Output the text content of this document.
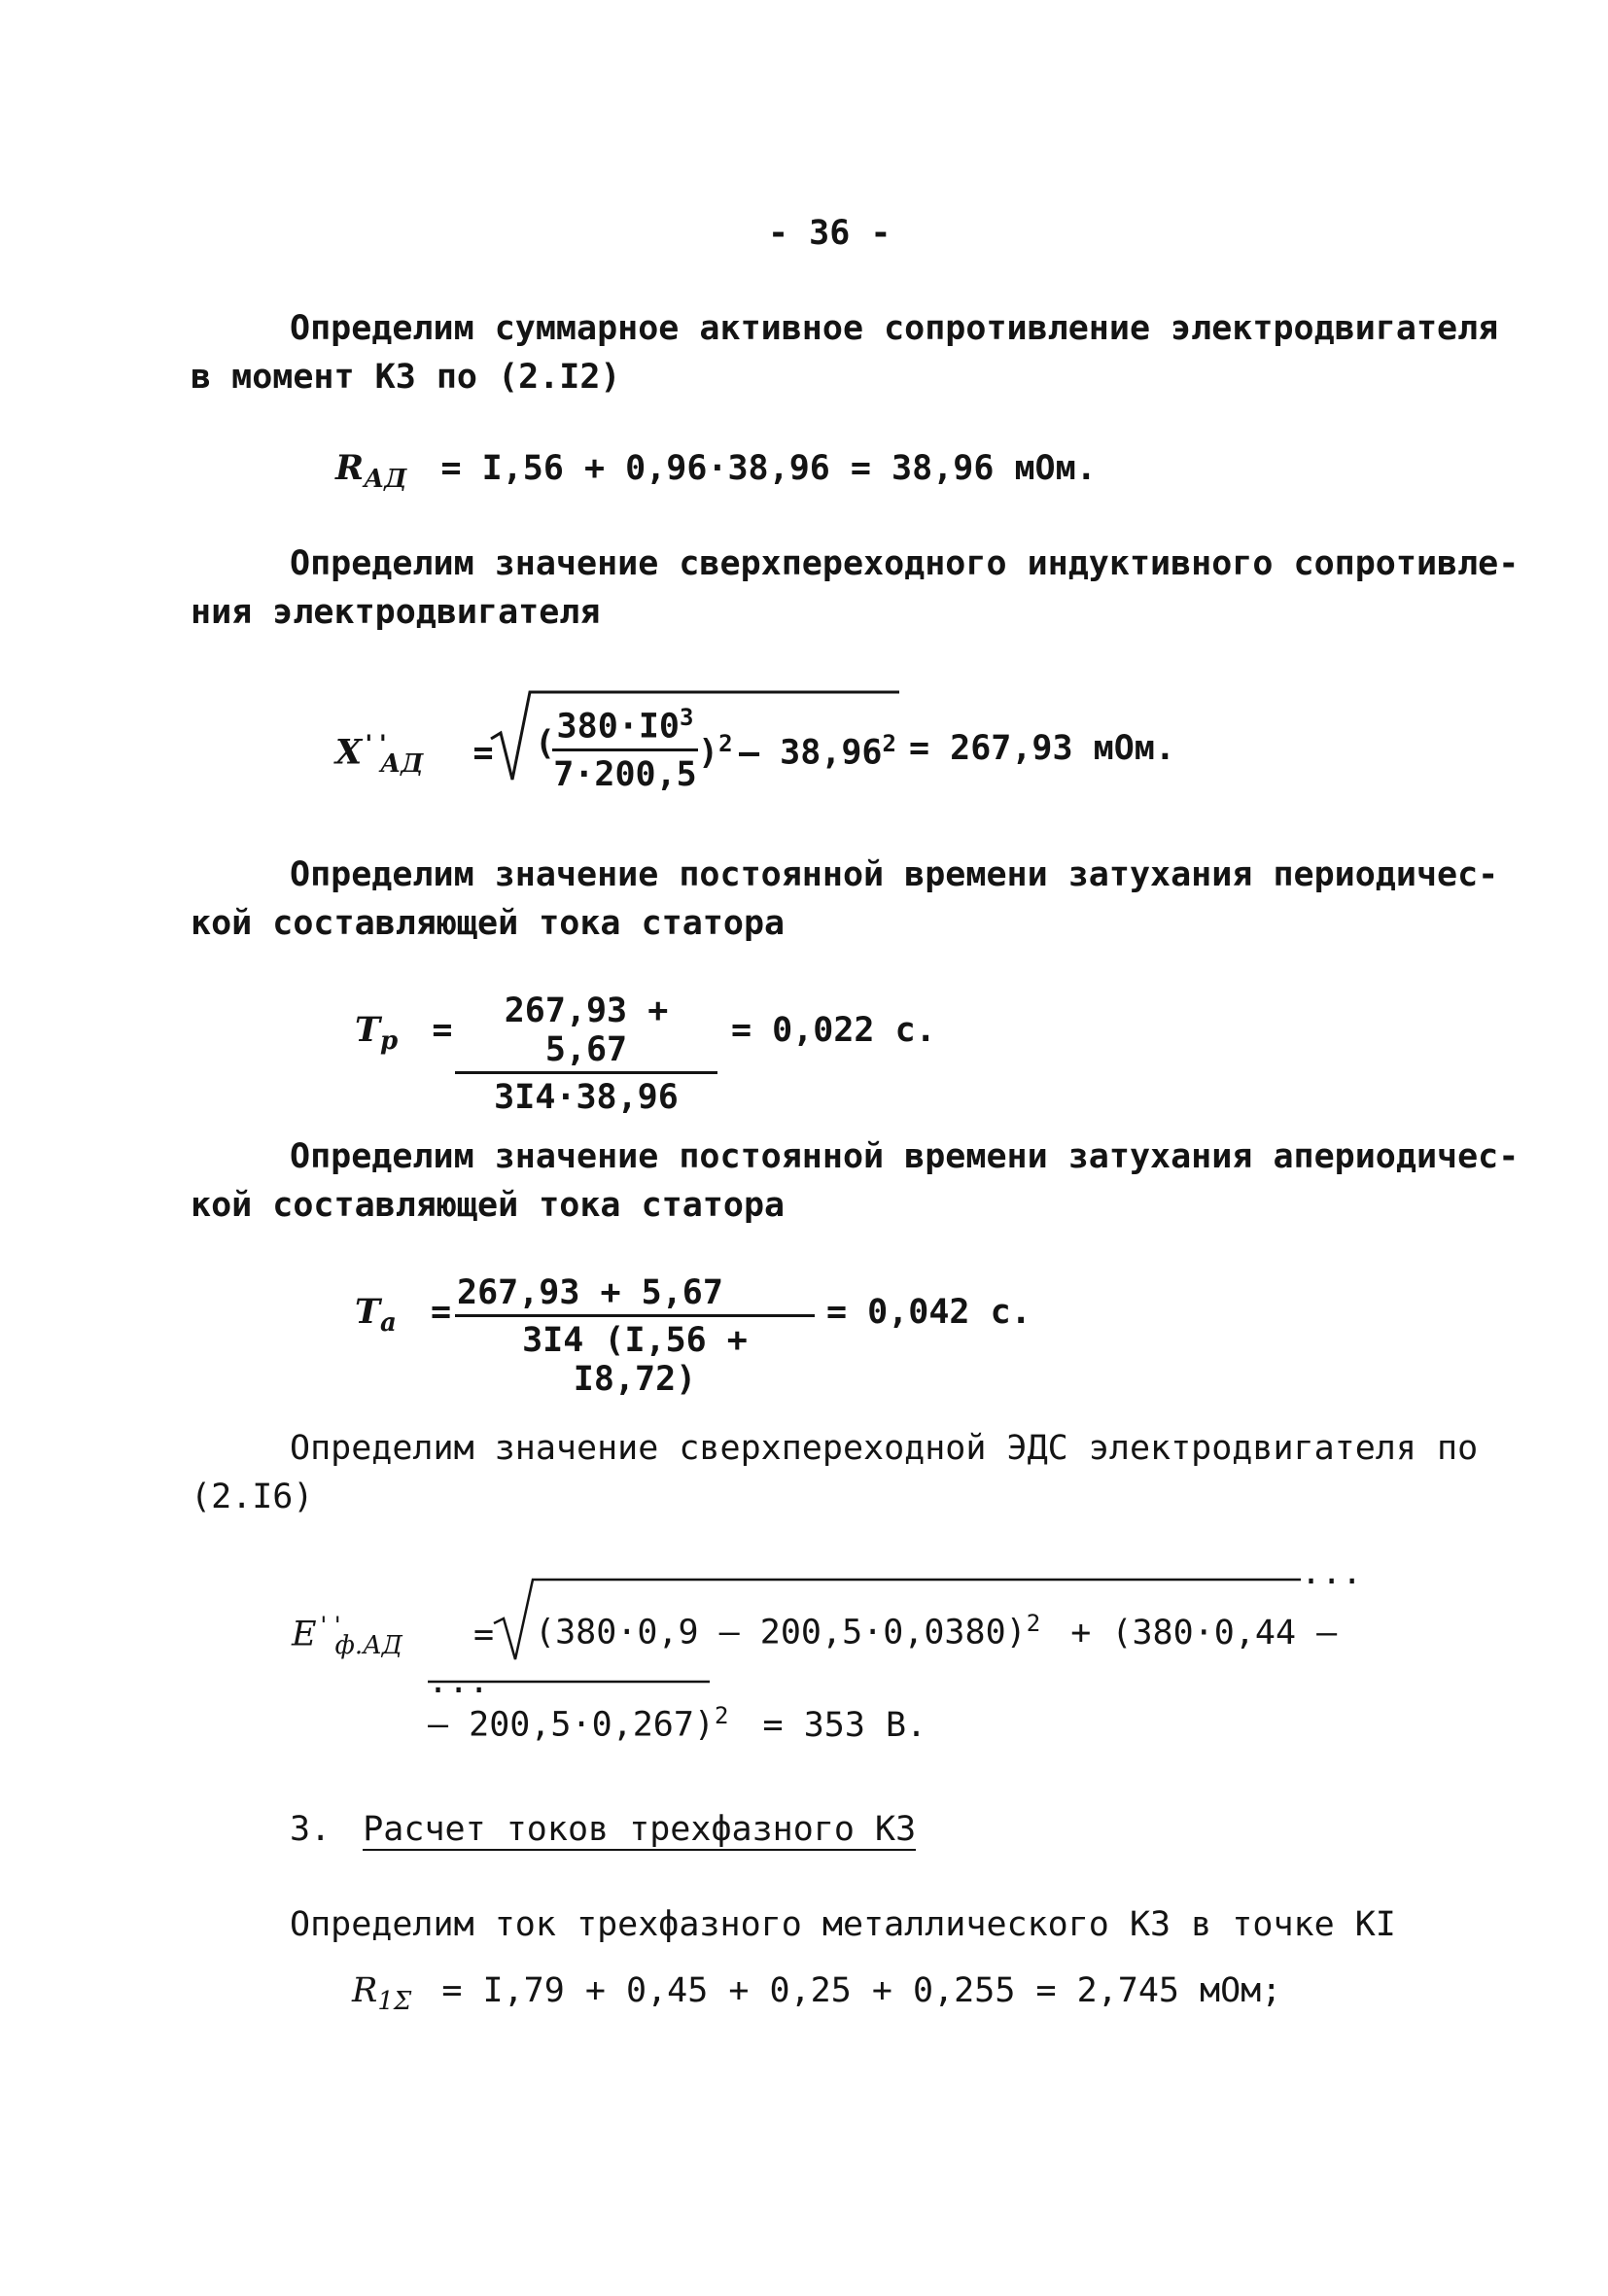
- 36 -
Определим суммарное активное сопротивление электродвигателя
в момент КЗ по (2.I2)
$R_{АД} = I,56 + 0,96\cdot 38,96 = 38,96$ мОм.
Определим значение сверхпереходного индуктивного сопротивле-
ния электродвигателя
$X''_{АД}$ = (
$\frac{380\cdot I0^3}{7\cdot 200,5} )^2 - 38,96^2 = 267,93$ мОм.
Определим значение постоянной времени затухания периодичес-
кой составляющей тока статора
$T_p = \frac{267,93 + 5,67}{3I4\cdot 38,96} = 0,022$ с.
Определим значение постоянной времени затухания апериодичес-
кой составляющей тока статора
$T_a = \frac{267,93 + 5,67}{3I4 (I,56 + I8,72)} = 0,042$ с.
Определим значение сверхпереходной ЭДС электродвигателя по
(2.I6)
$E''_{ф.АД} = (380\cdot 0,9 - 200,5\cdot 0,0380)^2 + (380\cdot 0,44$ –
...
...
– 200,5·0,267)$^2$ = 353 В.
3. Расчет токов трехфазного КЗ
Определим ток трехфазного металлического КЗ в точке КI
$R_{1\Sigma} = I,79 + 0,45 + 0,25 + 0,255 = 2,745$ мОм;
